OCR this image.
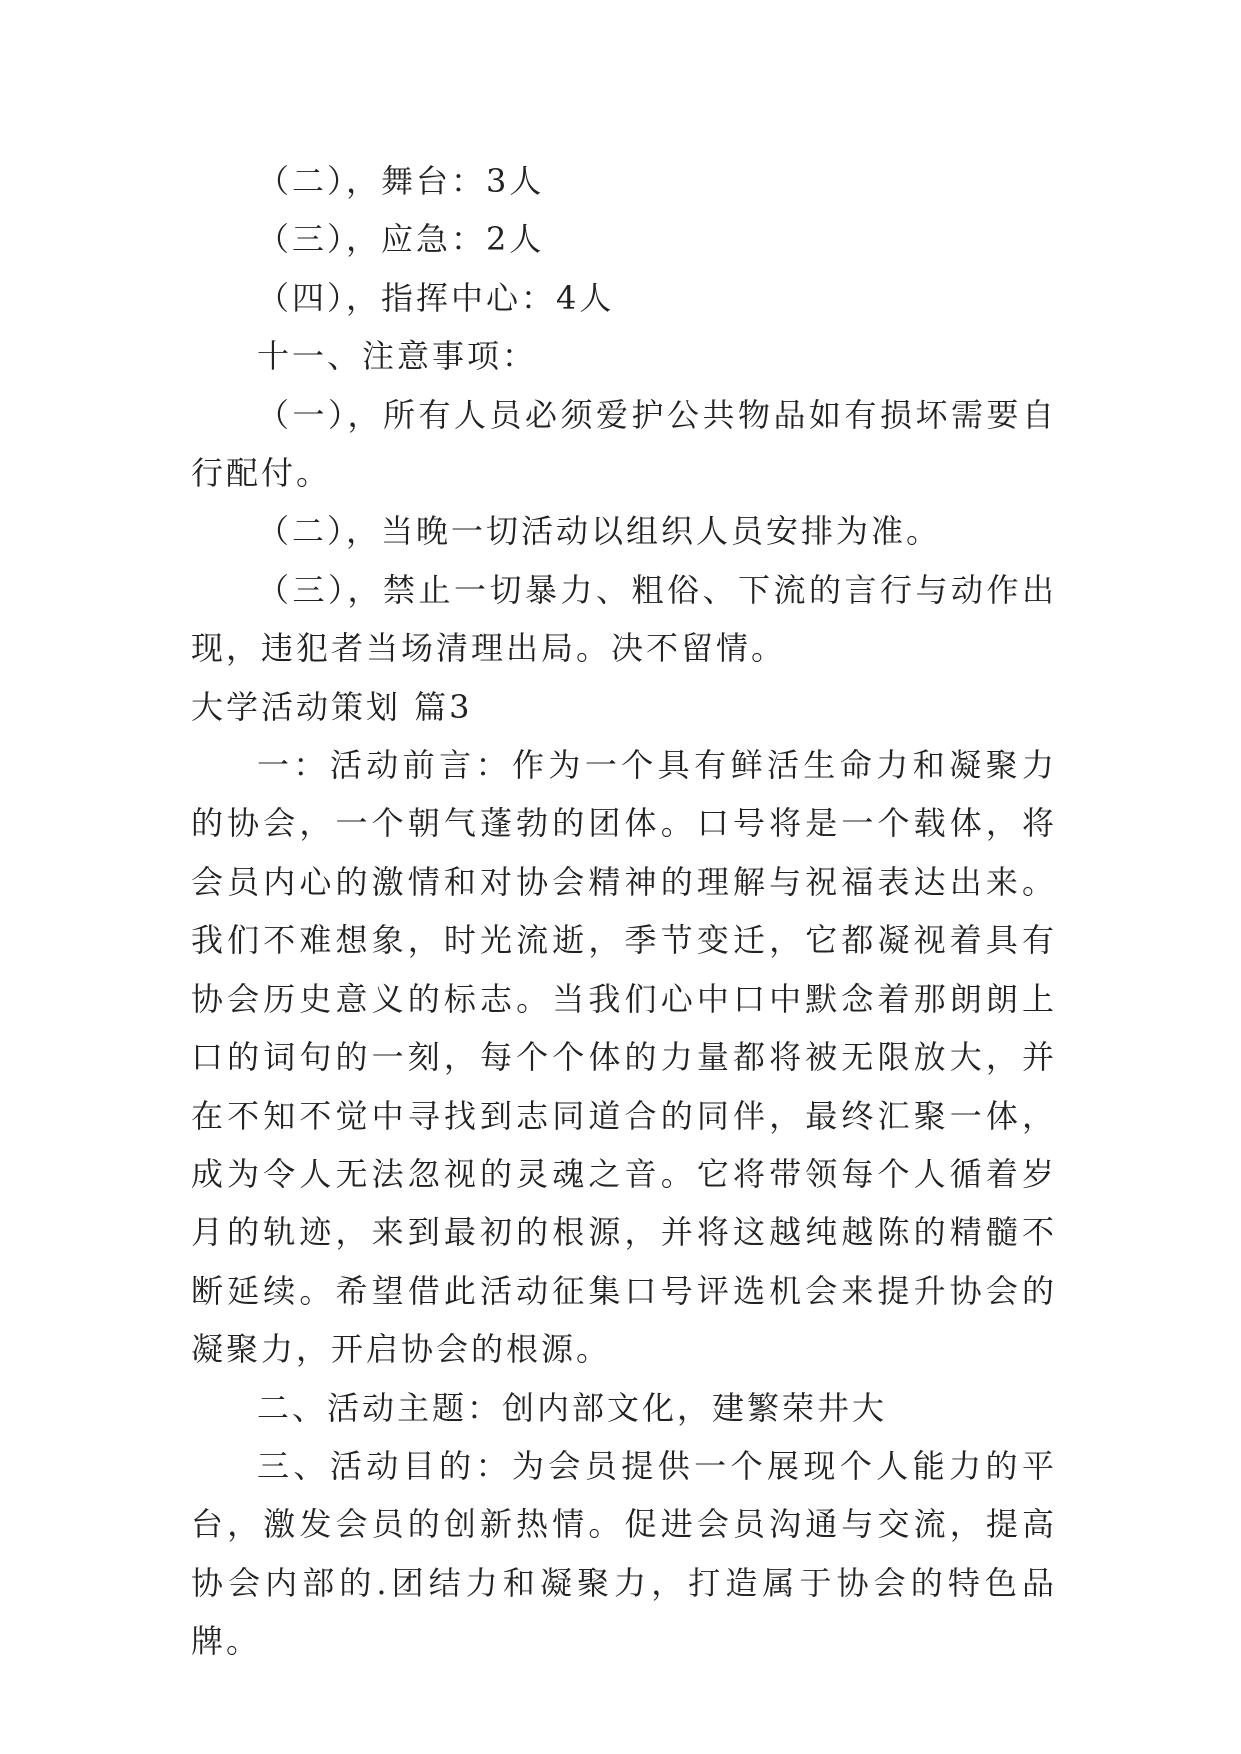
（二），舞台：3人

（三），应急：2人

（四），指挥中心：4人

十一、注意事项：

（一），所有人员必须爱护公共物品如有损坏需要自行配付。

（二），当晚一切活动以组织人员安排为准。

（三），禁止一切暴力、粗俗、下流的言行与动作出现，违犯者当场清理出局。决不留情。

大学活动策划 篇3

一：活动前言：作为一个具有鲜活生命力和凝聚力的协会，一个朝气蓬勃的团体。口号将是一个载体，将会员内心的激情和对协会精神的理解与祝福表达出来。我们不难想象，时光流逝，季节变迁，它都凝视着具有协会历史意义的标志。当我们心中口中默念着那朗朗上口的词句的一刻，每个个体的力量都将被无限放大，并在不知不觉中寻找到志同道合的同伴，最终汇聚一体，成为令人无法忽视的灵魂之音。它将带领每个人循着岁月的轨迹，来到最初的根源，并将这越纯越陈的精髓不断延续。希望借此活动征集口号评选机会来提升协会的凝聚力，开启协会的根源。

二、活动主题：创内部文化，建繁荣井大

三、活动目的：为会员提供一个展现个人能力的平台，激发会员的创新热情。促进会员沟通与交流，提高协会内部的.团结力和凝聚力，打造属于协会的特色品牌。
